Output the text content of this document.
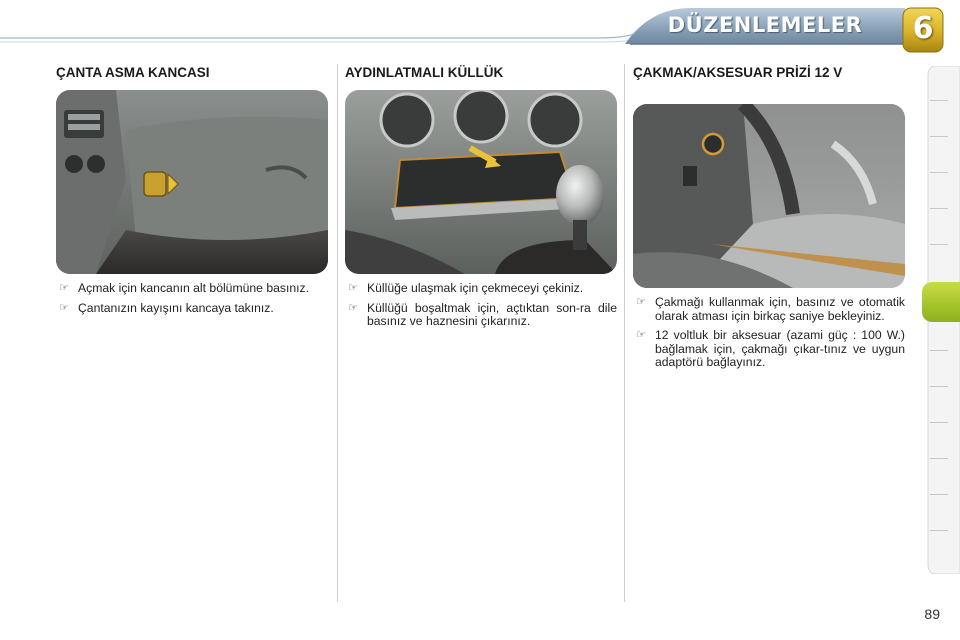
DÜZENLEMELER	6
ÇANTA ASMA KANCASI
☞ Açmak için kancanın alt bölümüne basınız.
☞ Çantanızın kayışını kancaya takınız.
AYDINLATMALI KÜLLÜK
☞ Küllüğe ulaşmak için çekmeceyi çekiniz.
☞ Küllüğü boşaltmak için, açtıktan son-ra dile basınız ve haznesini çıkarınız.
ÇAKMAK/AKSESUAR PRİZİ 12 V
☞ Çakmağı kullanmak için, basınız ve otomatik olarak atması için birkaç saniye bekleyiniz.
☞ 12 voltluk bir aksesuar (azami güç : 100 W.) bağlamak için, çakmağı çıkar-tınız ve uygun adaptörü bağlayınız.
89
